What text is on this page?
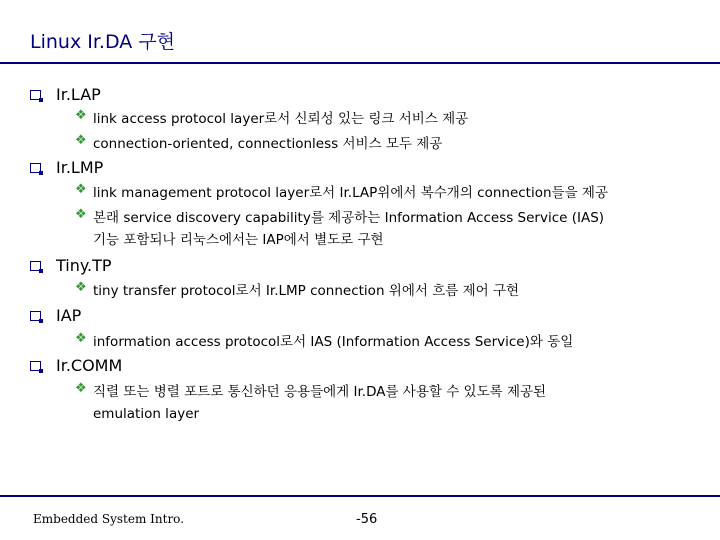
Linux Ir.DA 구현
Ir.LAP
❖ link access protocol layer로서 신뢰성 있는 링크 서비스 제공
❖ connection-oriented, connectionless 서비스 모두 제공
Ir.LMP
❖ link management protocol layer로서 Ir.LAP위에서 복수개의 connection들을 제공
❖ 본래 service discovery capability를 제공하는 Information Access Service (IAS)
기능 포함되나 리눅스에서는 IAP에서 별도로 구현
Tiny.TP
❖ tiny transfer protocol로서 Ir.LMP connection 위에서 흐름 제어 구현
IAP
❖ information access protocol로서 IAS (Information Access Service)와 동일
Ir.COMM
❖ 직렬 또는 병렬 포트로 통신하던 응용들에게 Ir.DA를 사용할 수 있도록 제공된
emulation layer
Embedded System Intro.	-56
